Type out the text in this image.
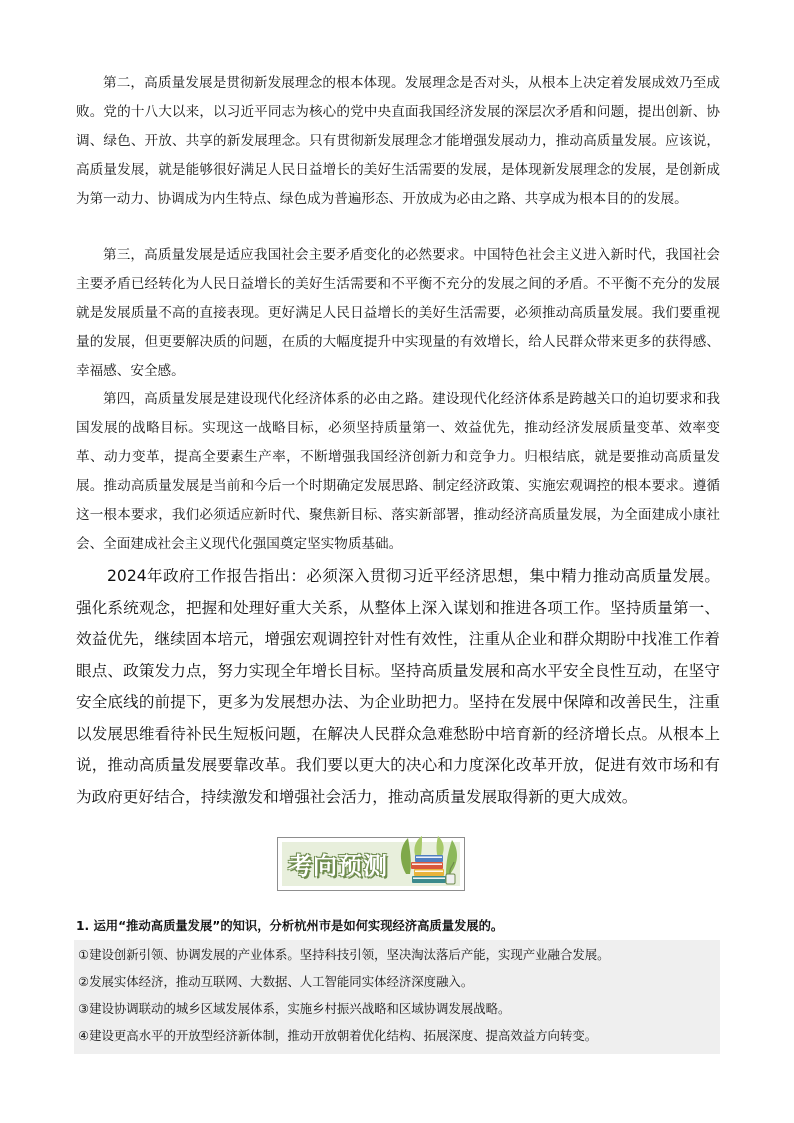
第二，高质量发展是贯彻新发展理念的根本体现。发展理念是否对头，从根本上决定着发展成效乃至成败。党的十八大以来，以习近平同志为核心的党中央直面我国经济发展的深层次矛盾和问题，提出创新、协调、绿色、开放、共享的新发展理念。只有贯彻新发展理念才能增强发展动力，推动高质量发展。应该说，高质量发展，就是能够很好满足人民日益增长的美好生活需要的发展，是体现新发展理念的发展，是创新成为第一动力、协调成为内生特点、绿色成为普遍形态、开放成为必由之路、共享成为根本目的的发展。

第三，高质量发展是适应我国社会主要矛盾变化的必然要求。中国特色社会主义进入新时代，我国社会主要矛盾已经转化为人民日益增长的美好生活需要和不平衡不充分的发展之间的矛盾。不平衡不充分的发展就是发展质量不高的直接表现。更好满足人民日益增长的美好生活需要，必须推动高质量发展。我们要重视量的发展，但更要解决质的问题，在质的大幅度提升中实现量的有效增长，给人民群众带来更多的获得感、幸福感、安全感。

第四，高质量发展是建设现代化经济体系的必由之路。建设现代化经济体系是跨越关口的迫切要求和我国发展的战略目标。实现这一战略目标，必须坚持质量第一、效益优先，推动经济发展质量变革、效率变革、动力变革，提高全要素生产率，不断增强我国经济创新力和竞争力。归根结底，就是要推动高质量发展。推动高质量发展是当前和今后一个时期确定发展思路、制定经济政策、实施宏观调控的根本要求。遵循这一根本要求，我们必须适应新时代、聚焦新目标、落实新部署，推动经济高质量发展，为全面建成小康社会、全面建成社会主义现代化强国奠定坚实物质基础。

2024年政府工作报告指出：必须深入贯彻习近平经济思想，集中精力推动高质量发展。强化系统观念，把握和处理好重大关系，从整体上深入谋划和推进各项工作。坚持质量第一、效益优先，继续固本培元，增强宏观调控针对性有效性，注重从企业和群众期盼中找准工作着眼点、政策发力点，努力实现全年增长目标。坚持高质量发展和高水平安全良性互动，在坚守安全底线的前提下，更多为发展想办法、为企业助把力。坚持在发展中保障和改善民生，注重以发展思维看待补民生短板问题，在解决人民群众急难愁盼中培育新的经济增长点。从根本上说，推动高质量发展要靠改革。我们要以更大的决心和力度深化改革开放，促进有效市场和有为政府更好结合，持续激发和增强社会活力，推动高质量发展取得新的更大成效。

考向预测

1. 运用“推动高质量发展”的知识，分析杭州市是如何实现经济高质量发展的。

①建设创新引领、协调发展的产业体系。坚持科技引领，坚决淘汰落后产能，实现产业融合发展。

②发展实体经济，推动互联网、大数据、人工智能同实体经济深度融入。

③建设协调联动的城乡区域发展体系，实施乡村振兴战略和区域协调发展战略。

④建设更高水平的开放型经济新体制，推动开放朝着优化结构、拓展深度、提高效益方向转变。
